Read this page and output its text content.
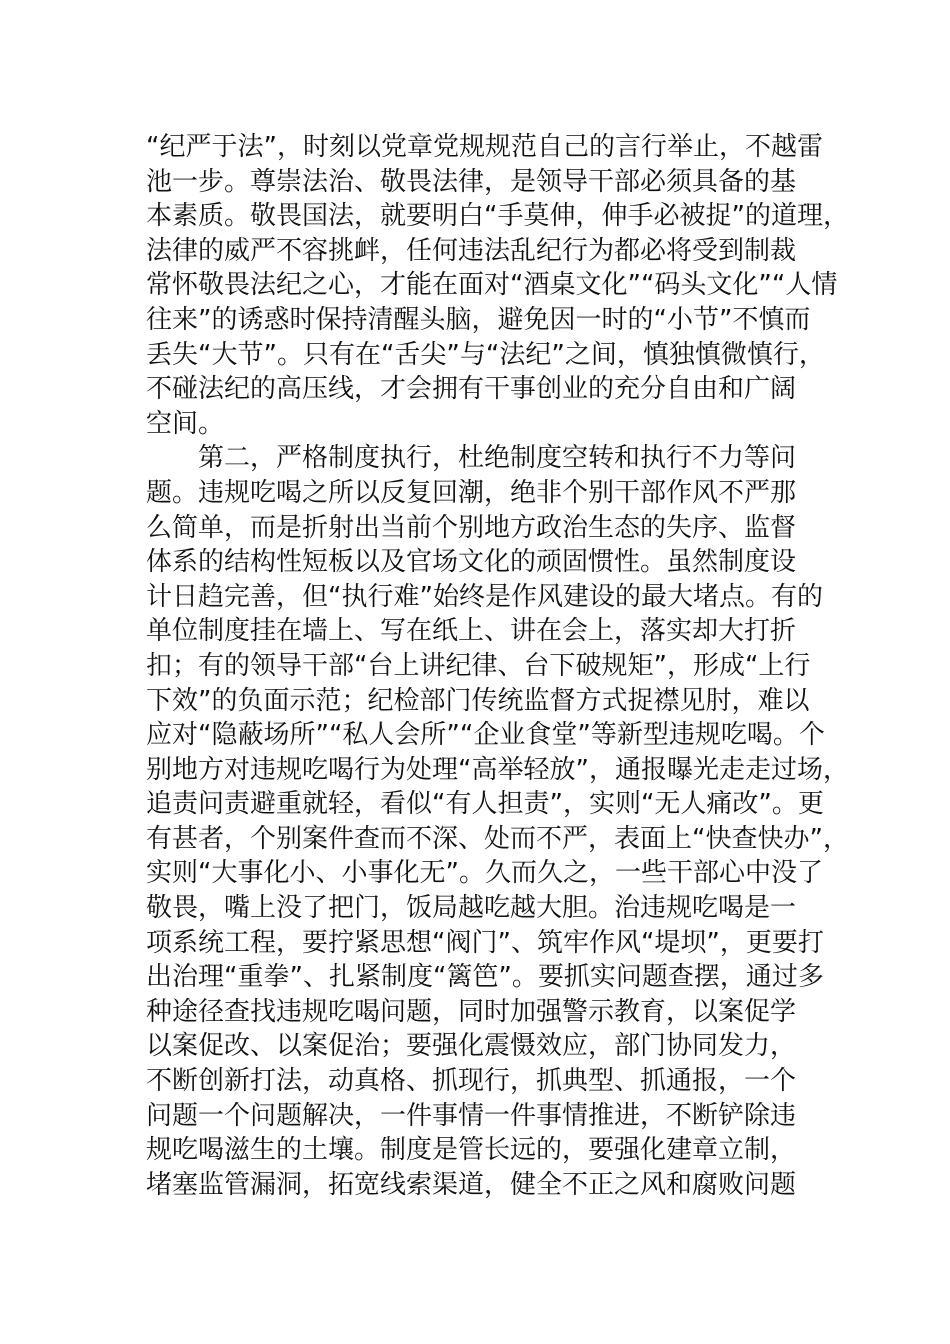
“纪严于法”，时刻以党章党规规范自己的言行举止，不越雷
池一步。尊崇法治、敬畏法律，是领导干部必须具备的基
本素质。敬畏国法，就要明白“手莫伸，伸手必被捉”的道理，
法律的威严不容挑衅，任何违法乱纪行为都必将受到制裁
常怀敬畏法纪之心，才能在面对“酒桌文化”“码头文化”“人情
往来”的诱惑时保持清醒头脑，避免因一时的“小节”不慎而
丢失“大节”。只有在“舌尖”与“法纪”之间，慎独慎微慎行，
不碰法纪的高压线，才会拥有干事创业的充分自由和广阔
空间。
　　第二，严格制度执行，杜绝制度空转和执行不力等问
题。违规吃喝之所以反复回潮，绝非个别干部作风不严那
么简单，而是折射出当前个别地方政治生态的失序、监督
体系的结构性短板以及官场文化的顽固惯性。虽然制度设
计日趋完善，但“执行难”始终是作风建设的最大堵点。有的
单位制度挂在墙上、写在纸上、讲在会上，落实却大打折
扣；有的领导干部“台上讲纪律、台下破规矩”，形成“上行
下效”的负面示范；纪检部门传统监督方式捉襟见肘，难以
应对“隐蔽场所”“私人会所”“企业食堂”等新型违规吃喝。个
别地方对违规吃喝行为处理“高举轻放”，通报曝光走走过场，
追责问责避重就轻，看似“有人担责”，实则“无人痛改”。更
有甚者，个别案件查而不深、处而不严，表面上“快查快办”，
实则“大事化小、小事化无”。久而久之，一些干部心中没了
敬畏，嘴上没了把门，饭局越吃越大胆。治违规吃喝是一
项系统工程，要拧紧思想“阀门”、筑牢作风“堤坝”，更要打
出治理“重拳”、扎紧制度“篱笆”。要抓实问题查摆，通过多
种途径查找违规吃喝问题，同时加强警示教育，以案促学
以案促改、以案促治；要强化震慑效应，部门协同发力，
不断创新打法，动真格、抓现行，抓典型、抓通报，一个
问题一个问题解决，一件事情一件事情推进，不断铲除违
规吃喝滋生的土壤。制度是管长远的，要强化建章立制，
堵塞监管漏洞，拓宽线索渠道，健全不正之风和腐败问题
